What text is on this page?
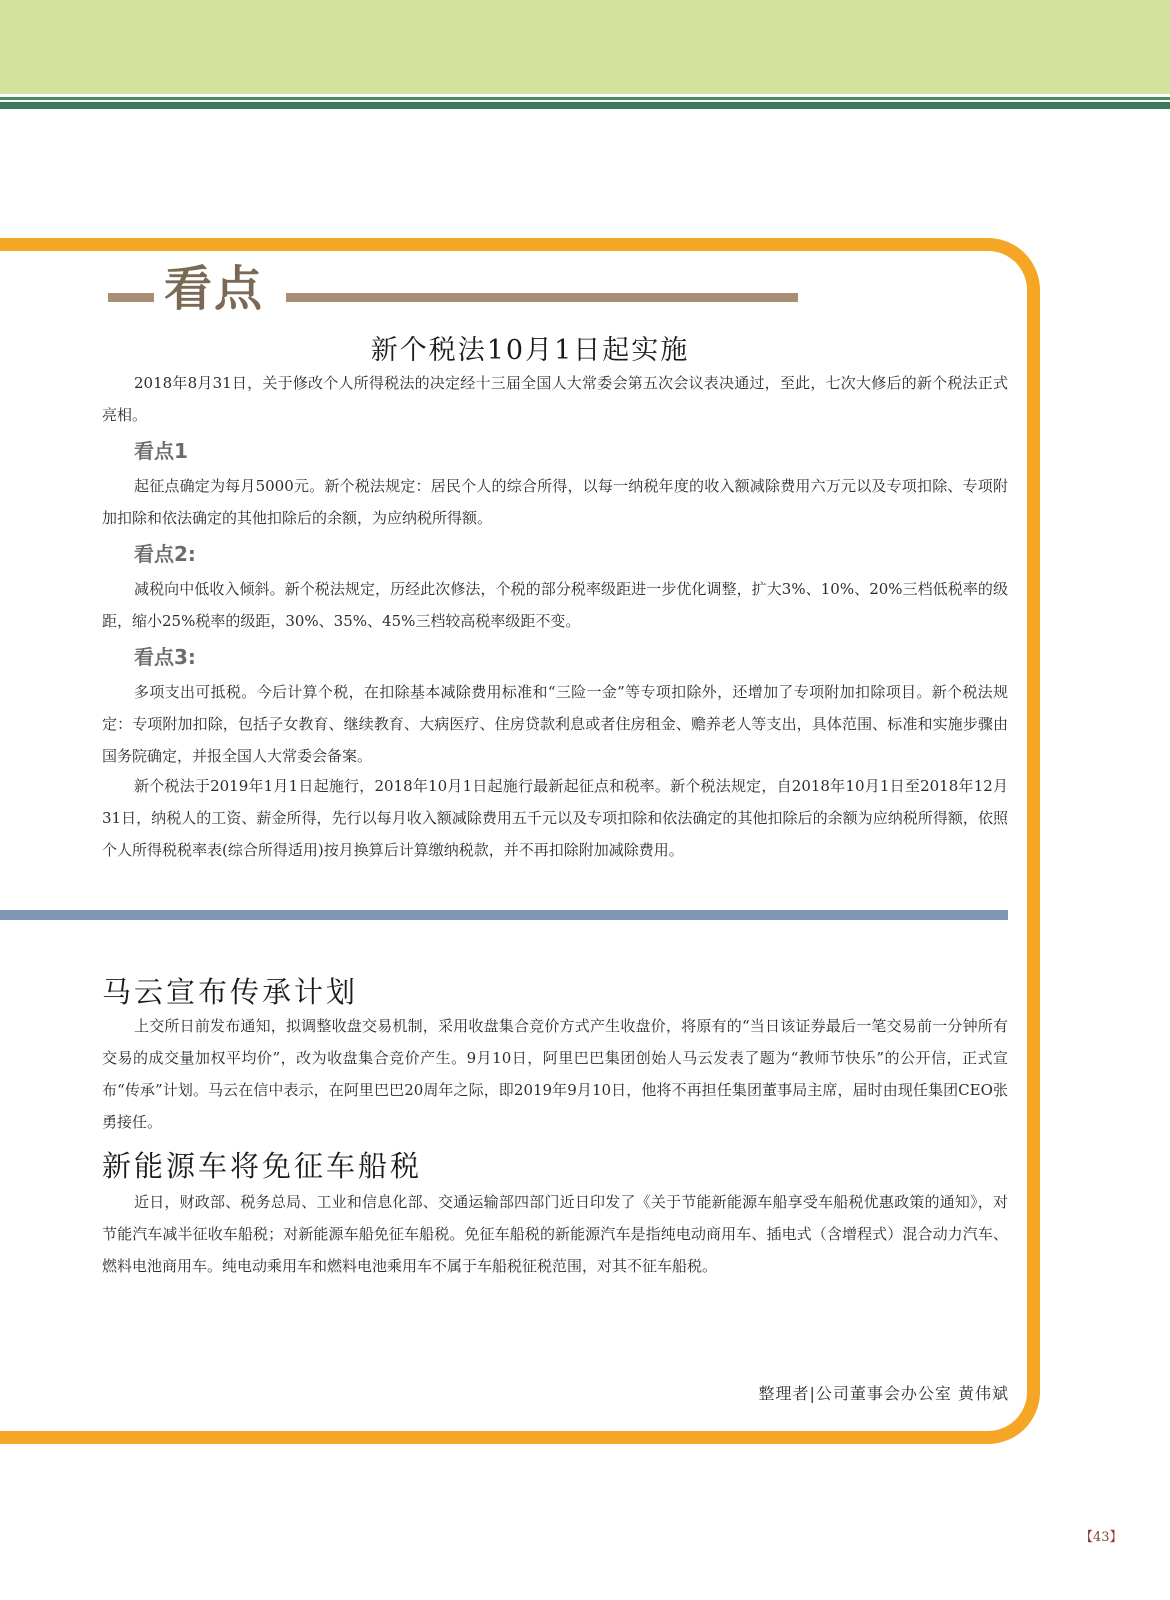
看点
新个税法10月1日起实施

2018年8月31日，关于修改个人所得税法的决定经十三届全国人大常委会第五次会议表决通过，至此，七次大修后的新个税法正式亮相。

看点1

起征点确定为每月5000元。新个税法规定：居民个人的综合所得，以每一纳税年度的收入额减除费用六万元以及专项扣除、专项附加扣除和依法确定的其他扣除后的余额，为应纳税所得额。

看点2:

减税向中低收入倾斜。新个税法规定，历经此次修法，个税的部分税率级距进一步优化调整，扩大3%、10%、20%三档低税率的级距，缩小25%税率的级距，30%、35%、45%三档较高税率级距不变。

看点3:

多项支出可抵税。今后计算个税，在扣除基本减除费用标准和“三险一金”等专项扣除外，还增加了专项附加扣除项目。新个税法规定：专项附加扣除，包括子女教育、继续教育、大病医疗、住房贷款利息或者住房租金、赡养老人等支出，具体范围、标准和实施步骤由国务院确定，并报全国人大常委会备案。

新个税法于2019年1月1日起施行，2018年10月1日起施行最新起征点和税率。新个税法规定，自2018年10月1日至2018年12月31日，纳税人的工资、薪金所得，先行以每月收入额减除费用五千元以及专项扣除和依法确定的其他扣除后的余额为应纳税所得额，依照个人所得税税率表(综合所得适用)按月换算后计算缴纳税款，并不再扣除附加减除费用。

马云宣布传承计划

上交所日前发布通知，拟调整收盘交易机制，采用收盘集合竞价方式产生收盘价，将原有的“当日该证券最后一笔交易前一分钟所有交易的成交量加权平均价”，改为收盘集合竞价产生。9月10日，阿里巴巴集团创始人马云发表了题为“教师节快乐”的公开信，正式宣布“传承”计划。马云在信中表示，在阿里巴巴20周年之际，即2019年9月10日，他将不再担任集团董事局主席，届时由现任集团CEO张勇接任。

新能源车将免征车船税

近日，财政部、税务总局、工业和信息化部、交通运输部四部门近日印发了《关于节能新能源车船享受车船税优惠政策的通知》，对节能汽车减半征收车船税；对新能源车船免征车船税。免征车船税的新能源汽车是指纯电动商用车、插电式（含增程式）混合动力汽车、燃料电池商用车。纯电动乘用车和燃料电池乘用车不属于车船税征税范围，对其不征车船税。

整理者|公司董事会办公室 黄伟斌
【43】
